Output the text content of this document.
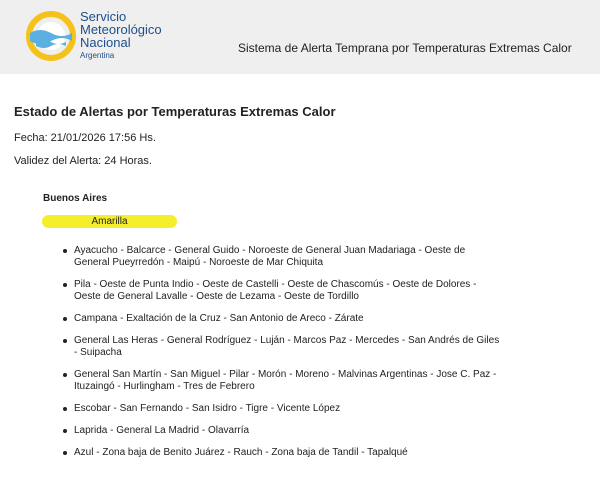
Servicio
Meteorológico
Nacional
Argentina
Sistema de Alerta Temprana por Temperaturas Extremas Calor
Estado de Alertas por Temperaturas Extremas Calor
Fecha: 21/01/2026 17:56 Hs.
Validez del Alerta: 24 Horas.
Buenos Aires
Amarilla
Ayacucho - Balcarce - General Guido - Noroeste de General Juan Madariaga - Oeste de General Pueyrredón - Maipú - Noroeste de Mar Chiquita
Pila - Oeste de Punta Indio - Oeste de Castelli - Oeste de Chascomús - Oeste de Dolores - Oeste de General Lavalle - Oeste de Lezama - Oeste de Tordillo
Campana - Exaltación de la Cruz - San Antonio de Areco - Zárate
General Las Heras - General Rodríguez - Luján - Marcos Paz - Mercedes - San Andrés de Giles - Suipacha
General San Martín - San Miguel - Pilar - Morón - Moreno - Malvinas Argentinas - Jose C. Paz - Ituzaingó - Hurlingham - Tres de Febrero
Escobar - San Fernando - San Isidro - Tigre - Vicente López
Laprida - General La Madrid - Olavarría
Azul - Zona baja de Benito Juárez - Rauch - Zona baja de Tandil - Tapalqué
